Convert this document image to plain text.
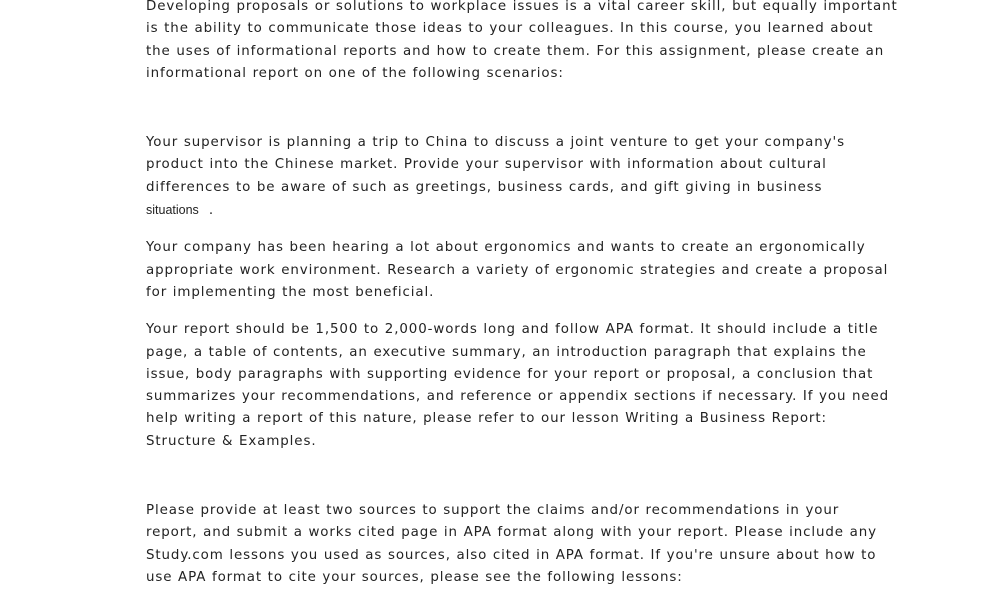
Developing proposals or solutions to workplace issues is a vital career skill, but equally important
is the ability to communicate those ideas to your colleagues. In this course, you learned about
the uses of informational reports and how to create them. For this assignment, please create an
informational report on one of the following scenarios:

Your supervisor is planning a trip to China to discuss a joint venture to get your company's
product into the Chinese market. Provide your supervisor with information about cultural
differences to be aware of such as greetings, business cards, and gift giving in business
situations .

Your company has been hearing a lot about ergonomics and wants to create an ergonomically
appropriate work environment. Research a variety of ergonomic strategies and create a proposal
for implementing the most beneficial.

Your report should be 1,500 to 2,000-words long and follow APA format. It should include a title
page, a table of contents, an executive summary, an introduction paragraph that explains the
issue, body paragraphs with supporting evidence for your report or proposal, a conclusion that
summarizes your recommendations, and reference or appendix sections if necessary. If you need
help writing a report of this nature, please refer to our lesson Writing a Business Report:
Structure & Examples.

Please provide at least two sources to support the claims and/or recommendations in your
report, and submit a works cited page in APA format along with your report. Please include any
Study.com lessons you used as sources, also cited in APA format. If you're unsure about how to
use APA format to cite your sources, please see the following lessons:
